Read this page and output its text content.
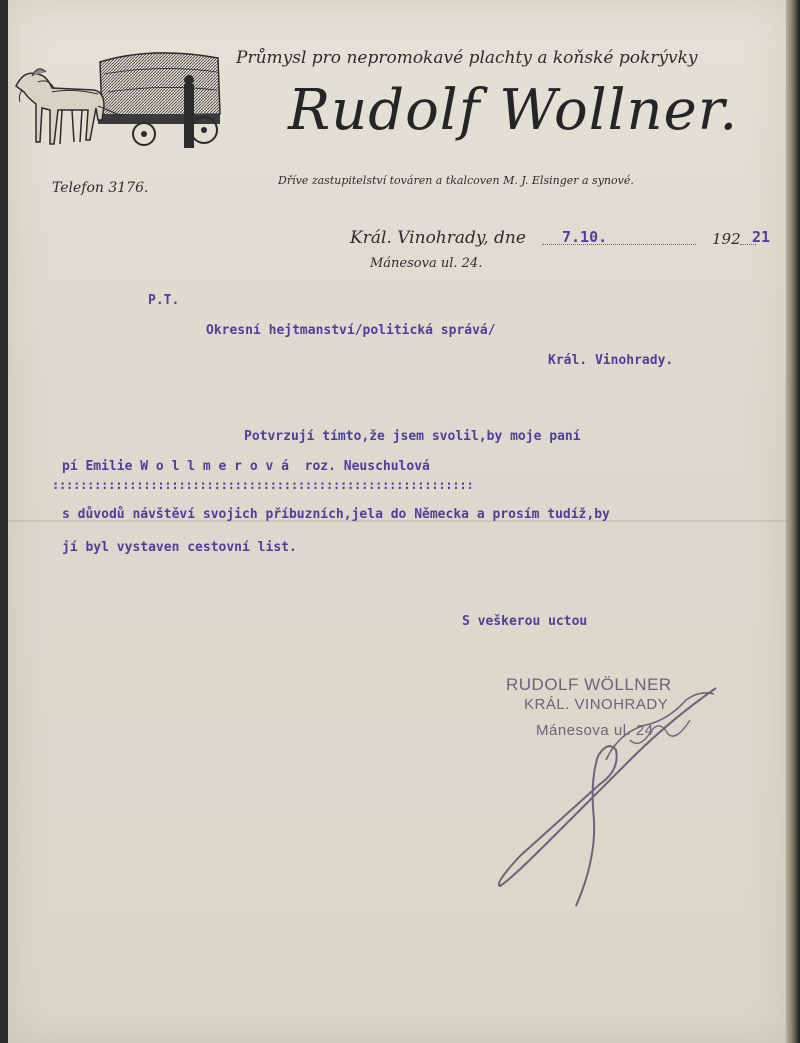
Průmysl pro nepromokavé plachty a koňské pokrývky
Rudolf Wollner.
Telefon 3176.	Dříve zastupitelství továren a tkalcoven M. J. Elsinger a synové.
Král. Vinohrady, dne 7.10.	192 21
Mánesova ul. 24.
P.T.
Okresní hejtmanství/politická správá/
Král. Vinohrady.
Potvrzují tímto,že jsem svolil,by moje paní
pí Emilie W o l l m e r o v á  roz. Neuschulová
::::::::::::::::::::::::::::::::::::::::::::::::::::::::::::
s důvodů návštěví svojich příbuzních,jela do Německa a prosím tudíž,by
jí byl vystaven cestovní list.
S veškerou uctou
RUDOLF WÖLLNER
KRÁL. VINOHRADY
Mánesova ul. 24
